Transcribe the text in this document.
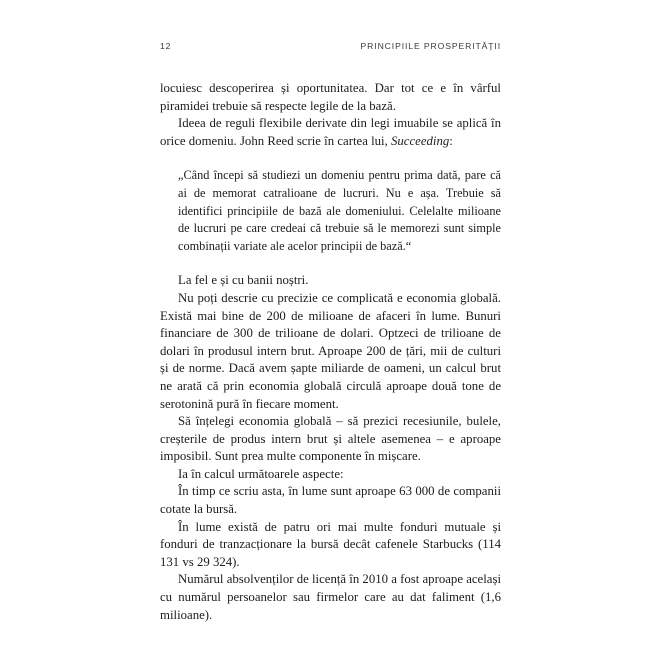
12	PRINCIPIILE PROSPERITĂȚII

locuiesc descoperirea și oportunitatea. Dar tot ce e în vârful piramidei trebuie să respecte legile de la bază.

Ideea de reguli flexibile derivate din legi imuabile se aplică în orice domeniu. John Reed scrie în cartea lui, Succeeding:

„Când începi să studiezi un domeniu pentru prima dată, pare că ai de memorat catralioane de lucruri. Nu e așa. Trebuie să identifici principiile de bază ale domeniului. Celelalte milioane de lucruri pe care credeai că trebuie să le memorezi sunt simple combinații variate ale acelor principii de bază.“

La fel e și cu banii noștri.

Nu poți descrie cu precizie ce complicată e economia globală. Există mai bine de 200 de milioane de afaceri în lume. Bunuri financiare de 300 de trilioane de dolari. Optzeci de trilioane de dolari în produsul intern brut. Aproape 200 de țări, mii de culturi și de norme. Dacă avem șapte miliarde de oameni, un calcul brut ne arată că prin economia globală circulă aproape două tone de serotonină pură în fiecare moment.

Să înțelegi economia globală – să prezici recesiunile, bulele, creșterile de produs intern brut și altele asemenea – e aproape imposibil. Sunt prea multe componente în mișcare.

Ia în calcul următoarele aspecte:

În timp ce scriu asta, în lume sunt aproape 63 000 de companii cotate la bursă.

În lume există de patru ori mai multe fonduri mutuale și fonduri de tranzacționare la bursă decât cafenele Starbucks (114 131 vs 29 324).

Numărul absolvenților de licență în 2010 a fost aproape același cu numărul persoanelor sau firmelor care au dat faliment (1,6 milioane).
